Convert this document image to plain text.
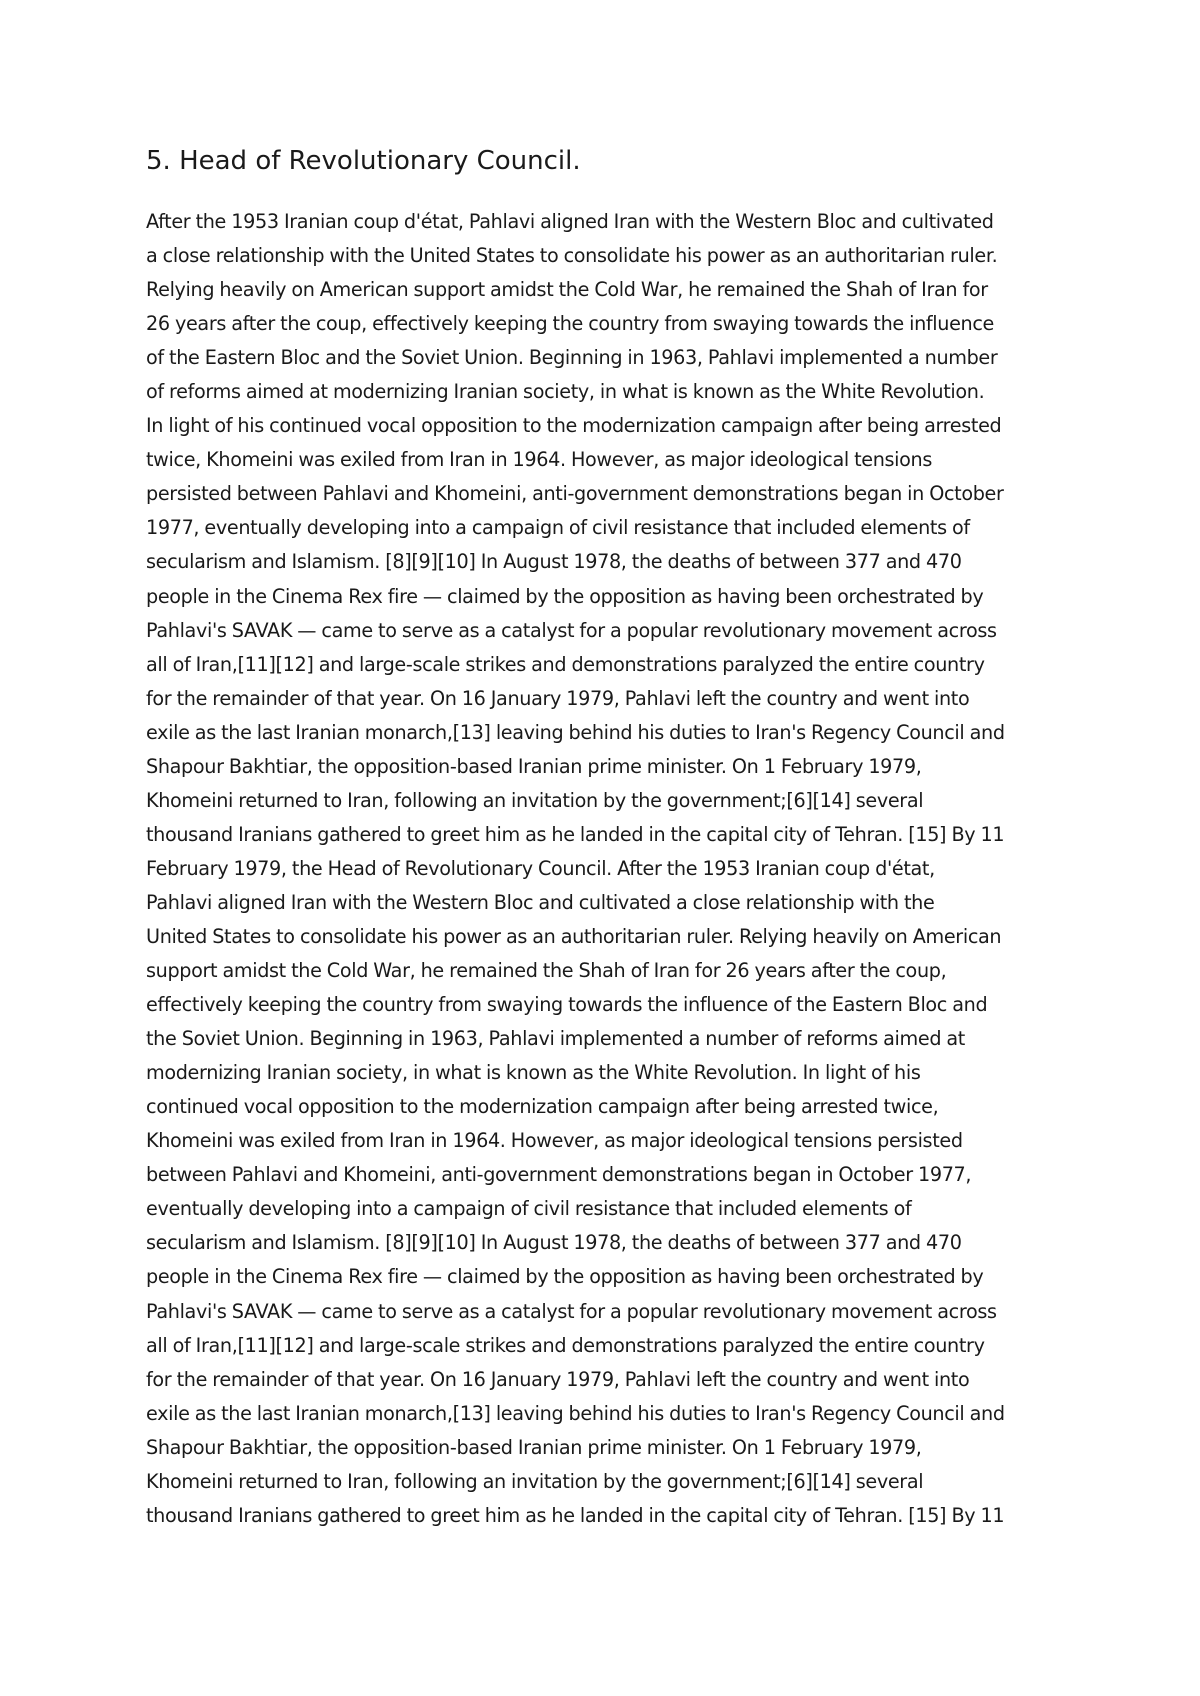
5. Head of Revolutionary Council.
After the 1953 Iranian coup d'état, Pahlavi aligned Iran with the Western Bloc and cultivated
a close relationship with the United States to consolidate his power as an authoritarian ruler.
Relying heavily on American support amidst the Cold War, he remained the Shah of Iran for
26 years after the coup, effectively keeping the country from swaying towards the influence
of the Eastern Bloc and the Soviet Union. Beginning in 1963, Pahlavi implemented a number
of reforms aimed at modernizing Iranian society, in what is known as the White Revolution.
In light of his continued vocal opposition to the modernization campaign after being arrested
twice, Khomeini was exiled from Iran in 1964. However, as major ideological tensions
persisted between Pahlavi and Khomeini, anti-government demonstrations began in October
1977, eventually developing into a campaign of civil resistance that included elements of
secularism and Islamism. [8][9][10] In August 1978, the deaths of between 377 and 470
people in the Cinema Rex fire — claimed by the opposition as having been orchestrated by
Pahlavi's SAVAK — came to serve as a catalyst for a popular revolutionary movement across
all of Iran,[11][12] and large-scale strikes and demonstrations paralyzed the entire country
for the remainder of that year. On 16 January 1979, Pahlavi left the country and went into
exile as the last Iranian monarch,[13] leaving behind his duties to Iran's Regency Council and
Shapour Bakhtiar, the opposition-based Iranian prime minister. On 1 February 1979,
Khomeini returned to Iran, following an invitation by the government;[6][14] several
thousand Iranians gathered to greet him as he landed in the capital city of Tehran. [15] By 11
February 1979, the Head of Revolutionary Council. After the 1953 Iranian coup d'état,
Pahlavi aligned Iran with the Western Bloc and cultivated a close relationship with the
United States to consolidate his power as an authoritarian ruler. Relying heavily on American
support amidst the Cold War, he remained the Shah of Iran for 26 years after the coup,
effectively keeping the country from swaying towards the influence of the Eastern Bloc and
the Soviet Union. Beginning in 1963, Pahlavi implemented a number of reforms aimed at
modernizing Iranian society, in what is known as the White Revolution. In light of his
continued vocal opposition to the modernization campaign after being arrested twice,
Khomeini was exiled from Iran in 1964. However, as major ideological tensions persisted
between Pahlavi and Khomeini, anti-government demonstrations began in October 1977,
eventually developing into a campaign of civil resistance that included elements of
secularism and Islamism. [8][9][10] In August 1978, the deaths of between 377 and 470
people in the Cinema Rex fire — claimed by the opposition as having been orchestrated by
Pahlavi's SAVAK — came to serve as a catalyst for a popular revolutionary movement across
all of Iran,[11][12] and large-scale strikes and demonstrations paralyzed the entire country
for the remainder of that year. On 16 January 1979, Pahlavi left the country and went into
exile as the last Iranian monarch,[13] leaving behind his duties to Iran's Regency Council and
Shapour Bakhtiar, the opposition-based Iranian prime minister. On 1 February 1979,
Khomeini returned to Iran, following an invitation by the government;[6][14] several
thousand Iranians gathered to greet him as he landed in the capital city of Tehran. [15] By 11
